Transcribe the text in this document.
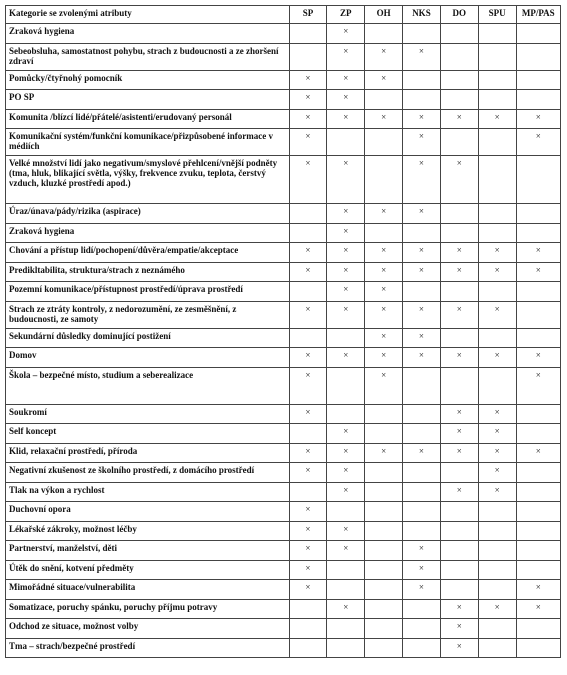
Kategorie se zvolenými atributy	SP	ZP	OH	NKS	DO	SPU	MP/PAS
Zraková hygiena		×					
Sebeobsluha, samostatnost pohybu, strach z budoucnosti a ze zhoršení zdraví		×	×	×			
Pomůcky/čtyřnohý pomocník	×	×	×				
PO SP	×	×					
Komunita /blízcí lidé/přátelé/asistenti/erudovaný personál	×	×	×	×	×	×	×
Komunikační systém/funkční komunikace/přizpůsobené informace v médiích	×			×			×
Velké množství lidí jako negativum/smyslové přehlcení/vnější podněty (tma, hluk, blikající světla, výšky, frekvence zvuku, teplota, čerstvý vzduch, kluzké prostředí apod.)	×	×		×	×		
Úraz/únava/pády/rizika (aspirace)		×	×	×			
Zraková hygiena		×					
Chování a přístup lidí/pochopení/důvěra/empatie/akceptace	×	×	×	×	×	×	×
Predikltabilita, struktura/strach z neznámého	×	×	×	×	×	×	×
Pozemní komunikace/přístupnost prostředí/úprava prostředí		×	×				
Strach ze ztráty kontroly, z nedorozumění, ze zesměšnění, z budoucnosti, ze samoty	×	×	×	×	×	×	
Sekundární důsledky dominující postižení			×	×			
Domov	×	×	×	×	×	×	×
Škola – bezpečné místo, studium a seberealizace	×		×				×
Soukromí	×				×	×	
Self koncept		×			×	×	
Klid, relaxační prostředí, příroda	×	×	×	×	×	×	×
Negativní zkušenost ze školního prostředí, z domácího prostředí	×	×				×	
Tlak na výkon a rychlost		×			×	×	
Duchovní opora	×						
Lékařské zákroky, možnost léčby	×	×					
Partnerství, manželství, děti	×	×		×			
Útěk do snění, kotvení předměty	×			×			
Mimořádné situace/vulnerabilita	×			×			×
Somatizace, poruchy spánku, poruchy příjmu potravy		×			×	×	×
Odchod ze situace, možnost volby					×		
Tma – strach/bezpečné prostředí					×		
